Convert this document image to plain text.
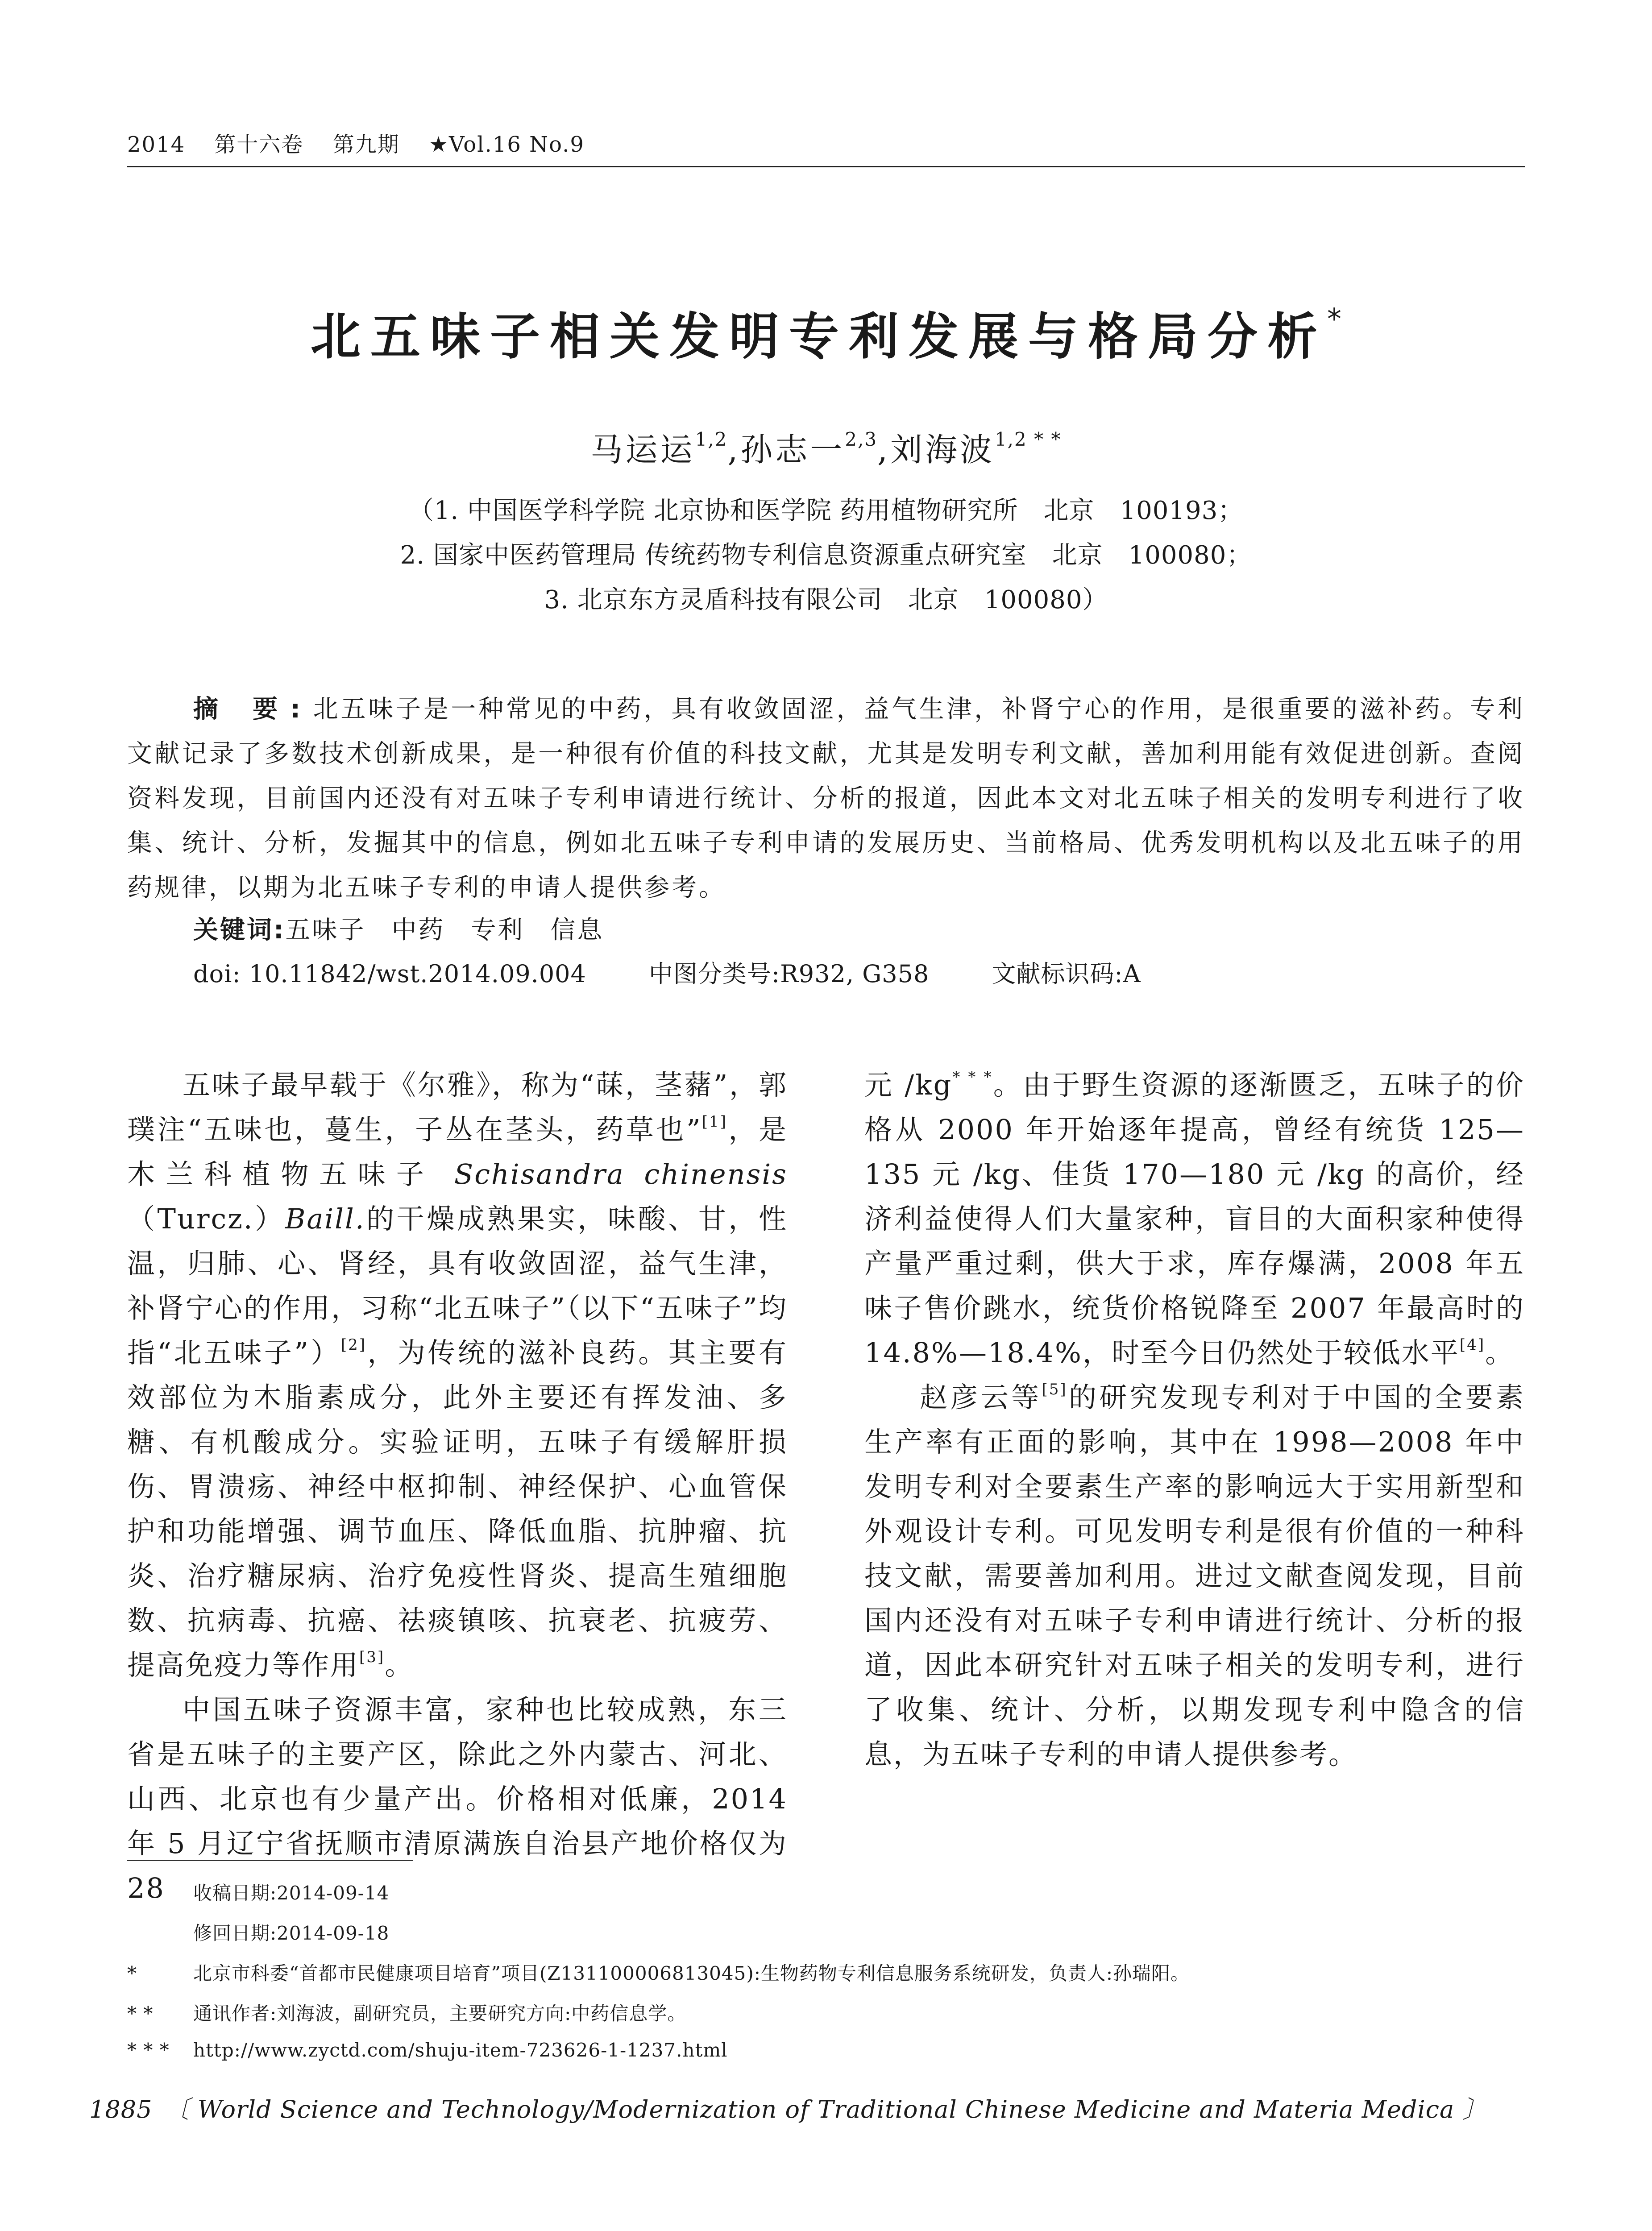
2014 第十六卷 第九期 ★Vol.16 No.9
北五味子相关发明专利发展与格局分析*
马运运$^{1,2}$,孙志一$^{2,3}$,刘海波$^{1,2 * *}$
（1. 中国医学科学院 北京协和医学院 药用植物研究所　北京　100193；
2. 国家中医药管理局 传统药物专利信息资源重点研究室　北京　100080；
3. 北京东方灵盾科技有限公司　北京　100080）
摘 要:北五味子是一种常见的中药，具有收敛固涩，益气生津，补肾宁心的作用，是很重要的滋补药。专利文献记录了多数技术创新成果，是一种很有价值的科技文献，尤其是发明专利文献，善加利用能有效促进创新。查阅资料发现，目前国内还没有对五味子专利申请进行统计、分析的报道，因此本文对北五味子相关的发明专利进行了收集、统计、分析，发掘其中的信息，例如北五味子专利申请的发展历史、当前格局、优秀发明机构以及北五味子的用药规律，以期为北五味子专利的申请人提供参考。
关键词:五味子 中药 专利 信息
doi: 10.11842/wst.2014.09.004	中图分类号:R932, G358	文献标识码:A

五味子最早载于《尔雅》，称为“菋，茎藸”，郭璞注“五味也，蔓生，子丛在茎头，药草也”[1]，是木兰科植物五味子 Schisandra chinensis（Turcz.）Baill.的干燥成熟果实，味酸、甘，性温，归肺、心、肾经，具有收敛固涩，益气生津，补肾宁心的作用，习称“北五味子”（以下“五味子”均指“北五味子”）[2]，为传统的滋补良药。其主要有效部位为木脂素成分，此外主要还有挥发油、多糖、有机酸成分。实验证明，五味子有缓解肝损伤、胃溃疡、神经中枢抑制、神经保护、心血管保护和功能增强、调节血压、降低血脂、抗肿瘤、抗炎、治疗糖尿病、治疗免疫性肾炎、提高生殖细胞数、抗病毒、抗癌、祛痰镇咳、抗衰老、抗疲劳、提高免疫力等作用[3]。

中国五味子资源丰富，家种也比较成熟，东三省是五味子的主要产区，除此之外内蒙古、河北、山西、北京也有少量产出。价格相对低廉，2014 年 5 月辽宁省抚顺市清原满族自治县产地价格仅为 28

元 /kg* * *。由于野生资源的逐渐匮乏，五味子的价格从 2000 年开始逐年提高，曾经有统货 125—135 元 /kg、佳货 170—180 元 /kg 的高价，经济利益使得人们大量家种，盲目的大面积家种使得产量严重过剩，供大于求，库存爆满，2008 年五味子售价跳水，统货价格锐降至 2007 年最高时的 14.8%—18.4%，时至今日仍然处于较低水平[4]。

赵彦云等[5]的研究发现专利对于中国的全要素生产率有正面的影响，其中在 1998—2008 年中发明专利对全要素生产率的影响远大于实用新型和外观设计专利。可见发明专利是很有价值的一种科技文献，需要善加利用。进过文献查阅发现，目前国内还没有对五味子专利申请进行统计、分析的报道，因此本研究针对五味子相关的发明专利，进行了收集、统计、分析，以期发现专利中隐含的信息，为五味子专利的申请人提供参考。

收稿日期:2014-09-14
修回日期:2014-09-18
*	北京市科委“首都市民健康项目培育”项目(Z131100006813045):生物药物专利信息服务系统研发，负责人:孙瑞阳。
* * 通讯作者:刘海波，副研究员，主要研究方向:中药信息学。
* * * http://www.zyctd.com/shuju-item-723626-1-1237.html
1885 〔 World Science and Technology/Modernization of Traditional Chinese Medicine and Materia Medica 〕
